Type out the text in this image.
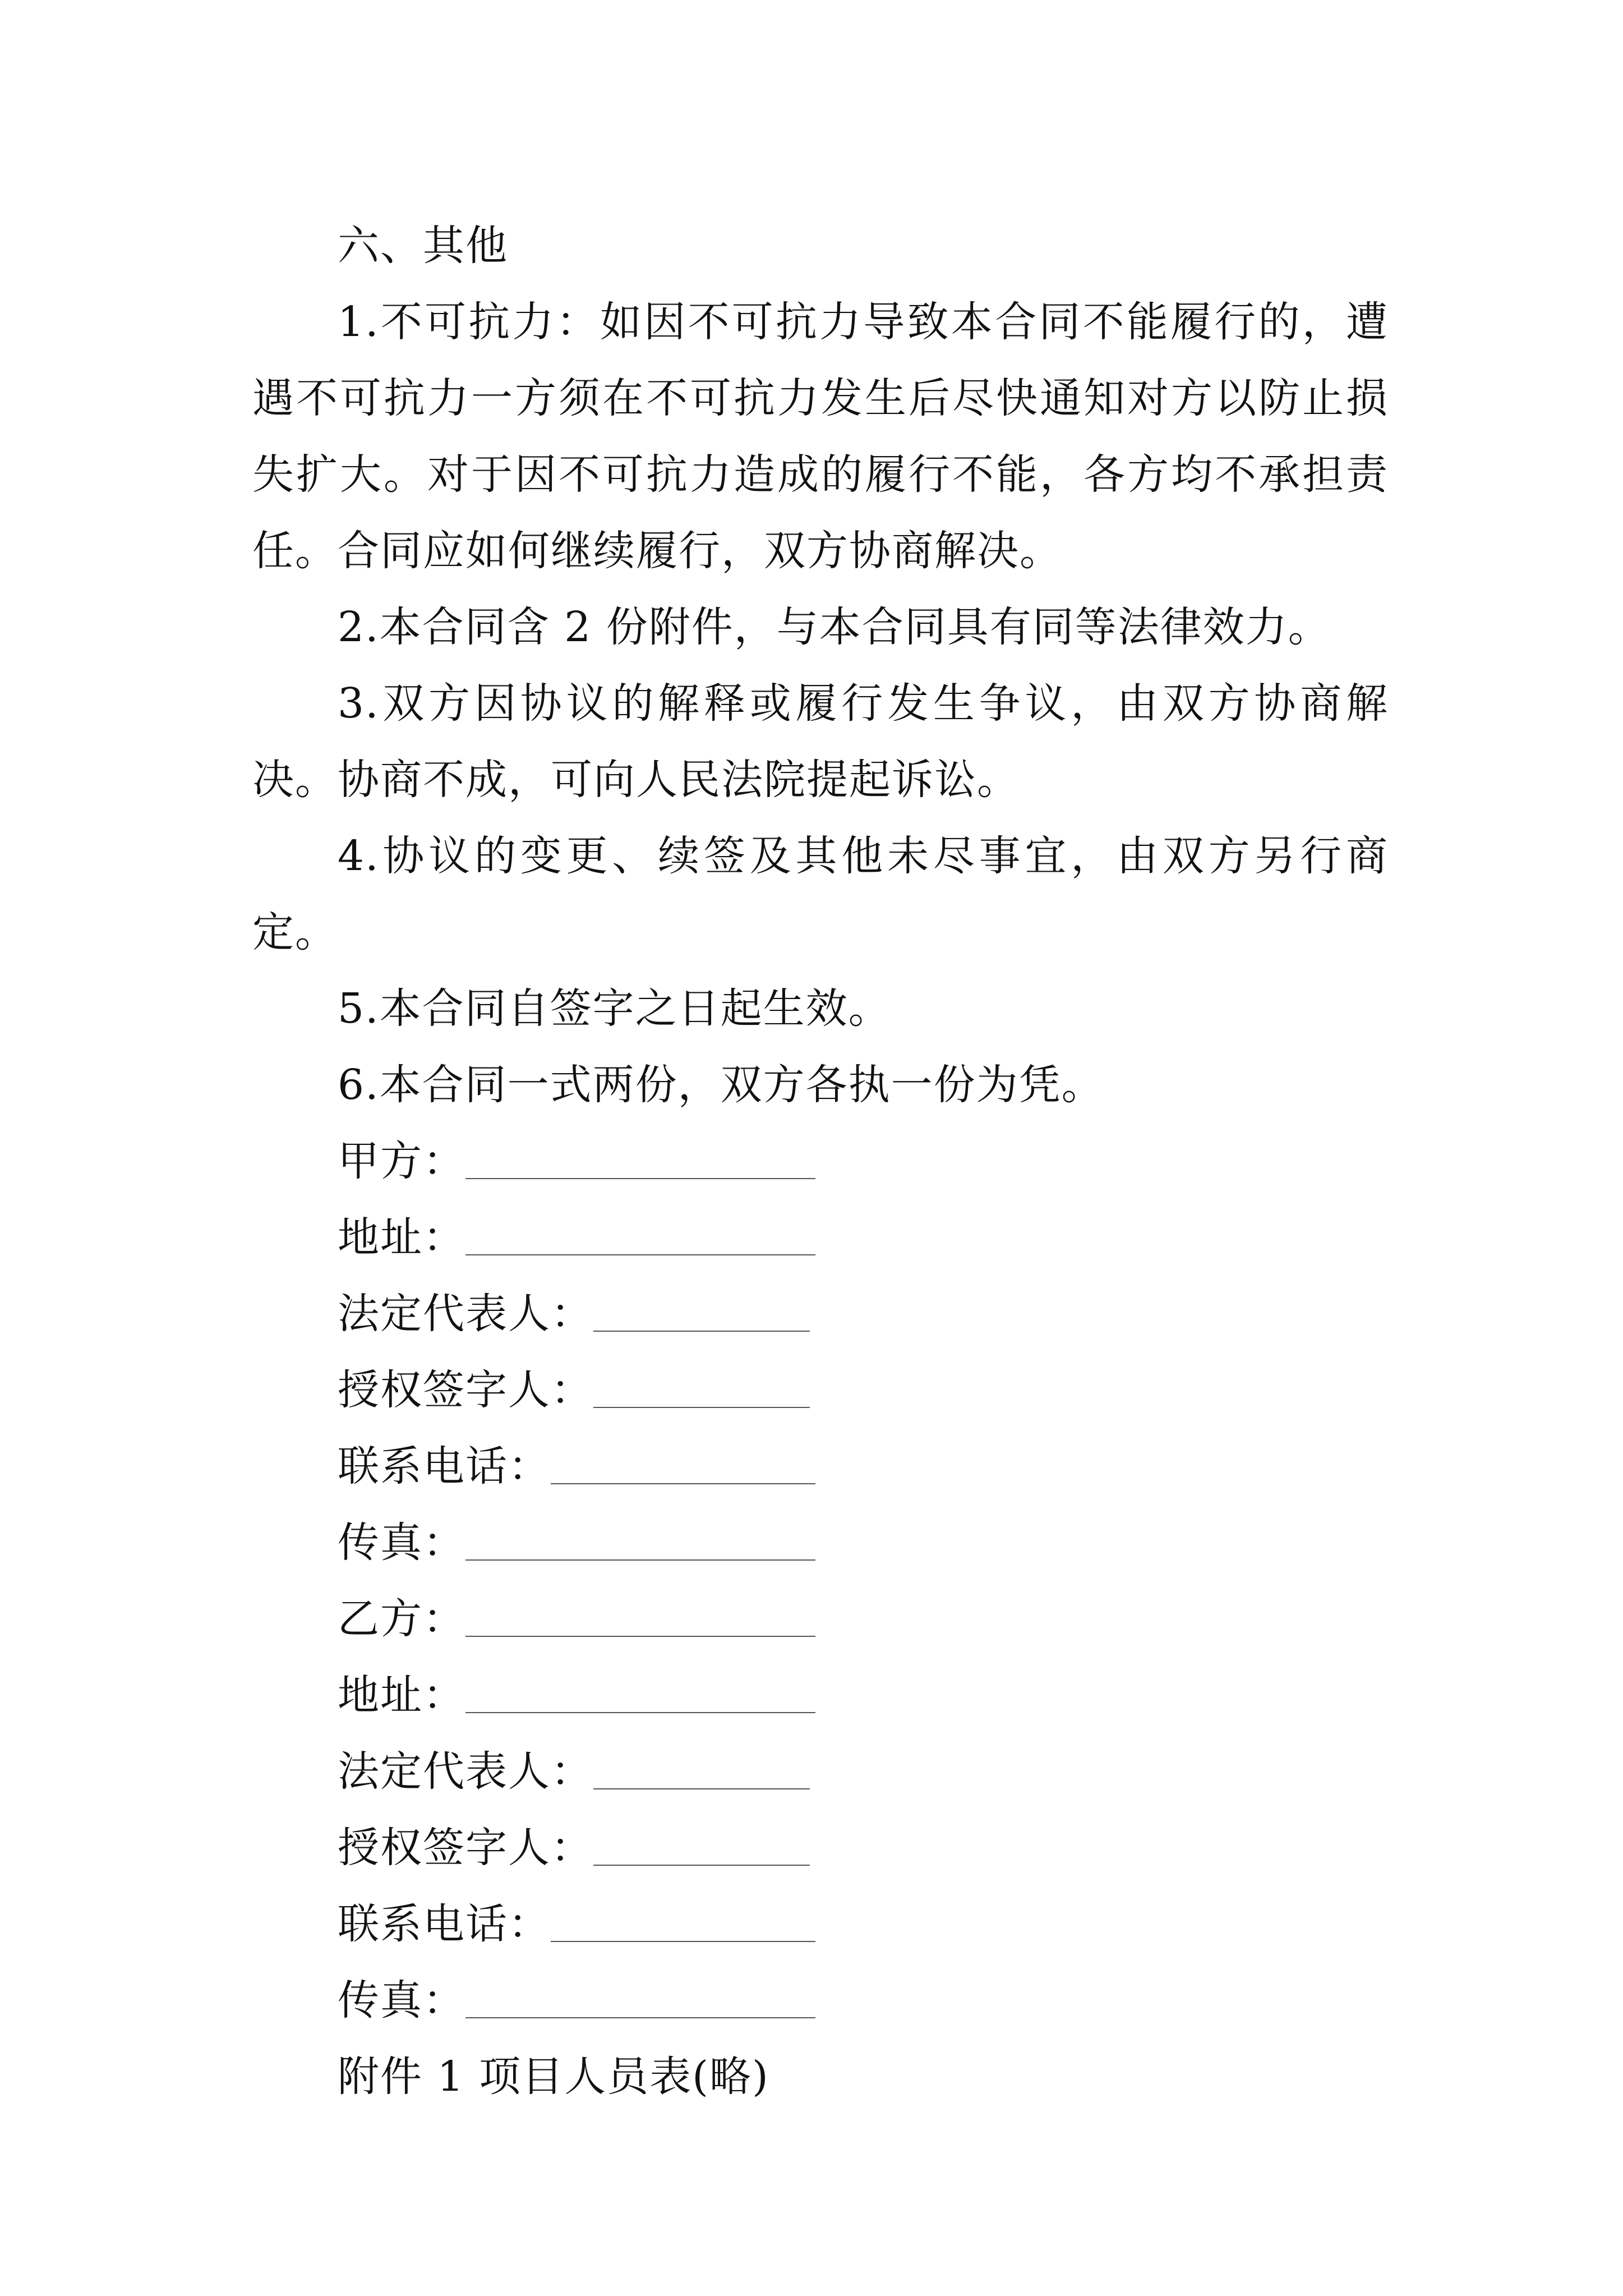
六、其他

1.不可抗力：如因不可抗力导致本合同不能履行的，遭遇不可抗力一方须在不可抗力发生后尽快通知对方以防止损失扩大。对于因不可抗力造成的履行不能，各方均不承担责任。合同应如何继续履行，双方协商解决。

2.本合同含 2 份附件，与本合同具有同等法律效力。

3.双方因协议的解释或履行发生争议，由双方协商解决。协商不成，可向人民法院提起诉讼。

4.协议的变更、续签及其他未尽事宜，由双方另行商定。

5.本合同自签字之日起生效。

6.本合同一式两份，双方各执一份为凭。

甲方：

地址：

法定代表人：

授权签字人：

联系电话：

传真：

乙方：

地址：

法定代表人：

授权签字人：

联系电话：

传真：

附件 1 项目人员表(略)
